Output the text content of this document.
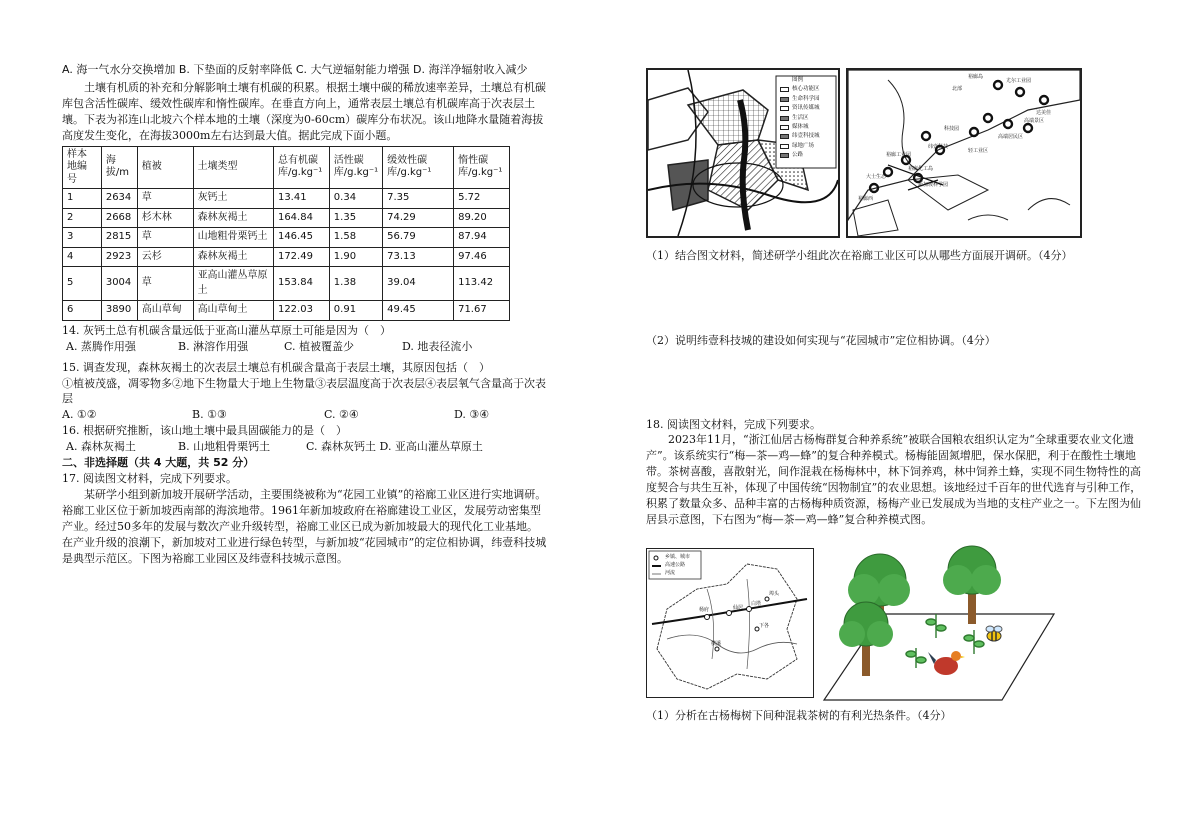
A. 海一气水分交换增加 B. 下垫面的反射率降低 C. 大气逆辐射能力增强 D. 海洋净辐射收入减少

土壤有机质的补充和分解影响土壤有机碳的积累。根据土壤中碳的稀放速率差异，土壤总有机碳库包含活性碳库、缓效性碳库和惰性碳库。在垂直方向上，通常表层土壤总有机碳库高于次表层土壤。下表为祁连山北坡六个样本地的土壤（深度为0-60cm）碳库分布状况。该山地降水量随着海拔高度发生变化，在海拔3000m左右达到最大值。据此完成下面小题。

样本地编号	海拔/m	植被	土壤类型	总有机碳库/g.kg⁻¹	活性碳库/g.kg⁻¹	缓效性碳库/g.kg⁻¹	惰性碳库/g.kg⁻¹
1	2634	草	灰钙土	13.41	0.34	7.35	5.72
2	2668	杉木林	森林灰褐土	164.84	1.35	74.29	89.20
3	2815	草	山地粗骨栗钙土	146.45	1.58	56.79	87.94
4	2923	云杉	森林灰褐土	172.49	1.90	73.13	97.46
5	3004	草	亚高山灌丛草原土	153.84	1.38	39.04	113.42
6	3890	高山草甸	高山草甸土	122.03	0.91	49.45	71.67

14. 灰钙土总有机碳含量远低于亚高山灌丛草原土可能是因为（　）

A. 蒸腾作用强	B. 淋溶作用强	C. 植被覆盖少	D. 地表径流小

15. 调查发现，森林灰褐土的次表层土壤总有机碳含量高于表层土壤，其原因包括（　）

①植被茂盛，凋零物多②地下生物量大于地上生物量③表层温度高于次表层④表层氧气含量高于次表层

A. ①②	B. ①③	C. ②④	D. ③④

16. 根据研究推断，该山地土壤中最具固碳能力的是（　）

A. 森林灰褐土	B. 山地粗骨栗钙土	C. 森林灰钙土 D. 亚高山灌丛草原土

二、非选择题（共 4 大题，共 52 分）

17. 阅读图文材料，完成下列要求。

某研学小组到新加坡开展研学活动，主要围绕被称为“花园工业镇”的裕廊工业区进行实地调研。裕廊工业区位于新加坡西南部的海滨地带。1961年新加坡政府在裕廊建设工业区，发展劳动密集型产业。经过50多年的发展与数次产业升级转型，裕廊工业区已成为新加坡最大的现代化工业基地。在产业升级的浪潮下，新加坡对工业进行绿色转型，与新加坡“花园城市”的定位相协调，纬壹科技城是典型示范区。下图为裕廊工业园区及纬壹科技城示意图。

图例
核心功能区
生命科学园
资讯传媒城
生活区
媒体城
纬壹科技城
绿地广场
公路
裕廊岛
北部
尤尔工业园
达美佳
高端景区
高端居民区
科技园
纬壹科技
裕廊工业园
裕廊化工岛
大士生态
轻工业区
裕廊西
新加坡科学园

（1）结合图文材料，简述研学小组此次在裕廊工业区可以从哪些方面展开调研。（4分）

（2）说明纬壹科技城的建设如何实现与“花园城市”定位相协调。（4分）

18. 阅读图文材料，完成下列要求。

2023年11月，“浙江仙居古杨梅群复合种养系统”被联合国粮农组织认定为“全球重要农业文化遗产”。该系统实行“梅—茶—鸡—蜂”的复合种养模式。杨梅能固氮增肥，保水保肥，利于在酸性土壤地带。茶树喜酸，喜散射光，间作混栽在杨梅林中，林下饲养鸡，林中饲养土蜂，实现不同生物特性的高度契合与共生互补，体现了中国传统“因物制宜”的农业思想。该地经过千百年的世代选育与引种工作，积累了数量众多、品种丰富的古杨梅种质资源，杨梅产业已发展成为当地的支柱产业之一。下左图为仙居县示意图，下右图为“梅—茶—鸡—蜂”复合种养模式图。

乡镇、城市
高速公路
河流
仙居
杨府
白塔
下各
横溪
埠头

（1）分析在古杨梅树下间种混栽茶树的有利光热条件。（4分）
